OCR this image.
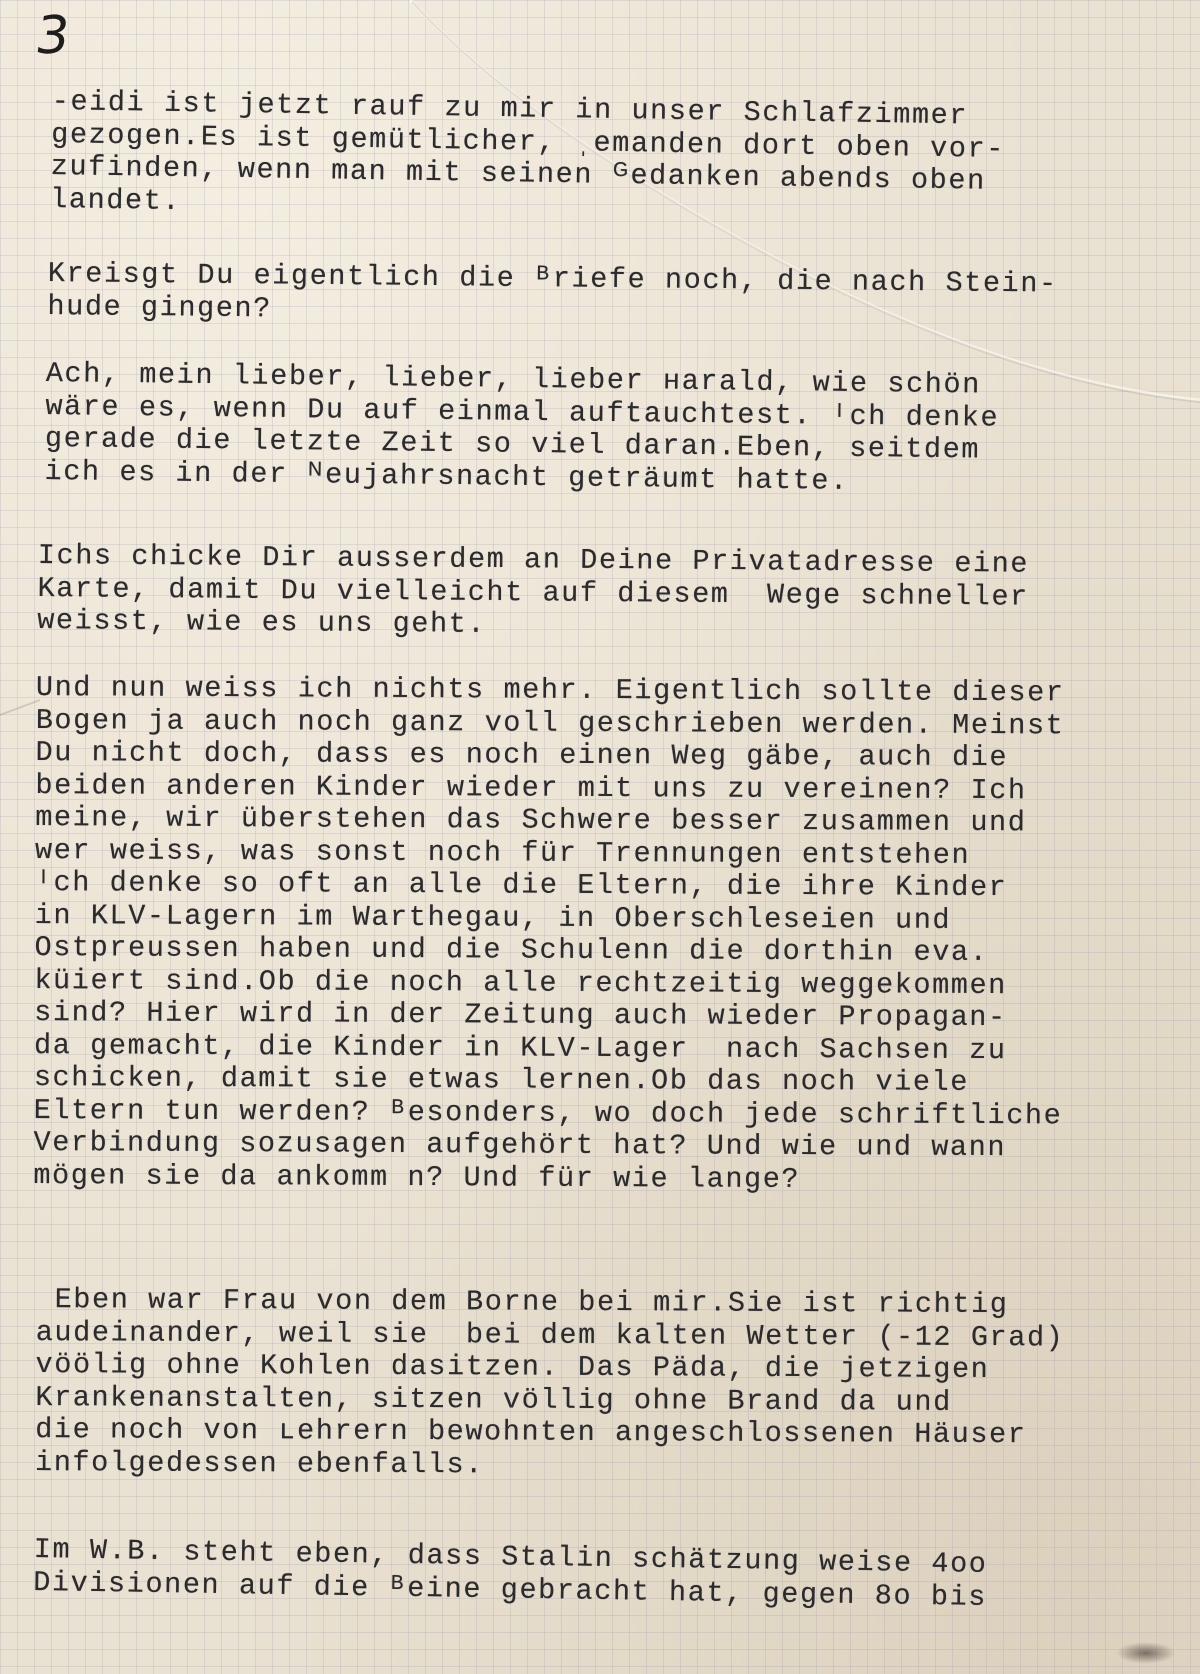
3

‐eidi ist jetzt rauf zu mir in unser Schlafzimmer
gezogen.Es ist gemütlicher, ˌemanden dort oben vor-
zufinden, wenn man mit seinen ᴳedanken abends oben
landet.

Kreisgt Du eigentlich die ᴮriefe noch, die nach Stein-
hude gingen?

Ach, mein lieber, lieber, lieber ʜarald, wie schön
wäre es, wenn Du auf einmal auftauchtest. ᴵch denke
gerade die letzte Zeit so viel daran.Eben, seitdem
ich es in der ᴺeujahrsnacht geträumt hatte.

Ichs chicke Dir ausserdem an Deine Privatadresse eine
Karte, damit Du vielleicht auf diesem  Wege schneller
weisst, wie es uns geht.

Und nun weiss ich nichts mehr. Eigentlich sollte dieser
Bogen ja auch noch ganz voll geschrieben werden. Meinst
Du nicht doch, dass es noch einen Weg gäbe, auch die
beiden anderen Kinder wieder mit uns zu vereinen? Ich
meine, wir überstehen das Schwere besser zusammen und
wer weiss, was sonst noch für Trennungen entstehen
ᴵch denke so oft an alle die Eltern, die ihre Kinder
in KLV-Lagern im Warthegau, in Oberschleseien und
Ostpreussen haben und die Schulenn die dorthin eva.
küiert sind.Ob die noch alle rechtzeitig weggekommen
sind? Hier wird in der Zeitung auch wieder Propagan-
da gemacht, die Kinder in KLV-Lager  nach Sachsen zu
schicken, damit sie etwas lernen.Ob das noch viele
Eltern tun werden? ᴮesonders, wo doch jede schriftliche
Verbindung sozusagen aufgehört hat? Und wie und wann
mögen sie da ankomm n? Und für wie lange?

Eben war Frau von dem Borne bei mir.Sie ist richtig
audeinander, weil sie  bei dem kalten Wetter (-12 Grad)
vöölig ohne Kohlen dasitzen. Das Päda, die jetzigen
Krankenanstalten, sitzen völlig ohne Brand da und
die noch von ʟehrern bewohnten angeschlossenen Häuser
infolgedessen ebenfalls.

Im W.B. steht eben, dass Stalin schätzung weise 4oo
Divisionen auf die ᴮeine gebracht hat, gegen 8o bis
